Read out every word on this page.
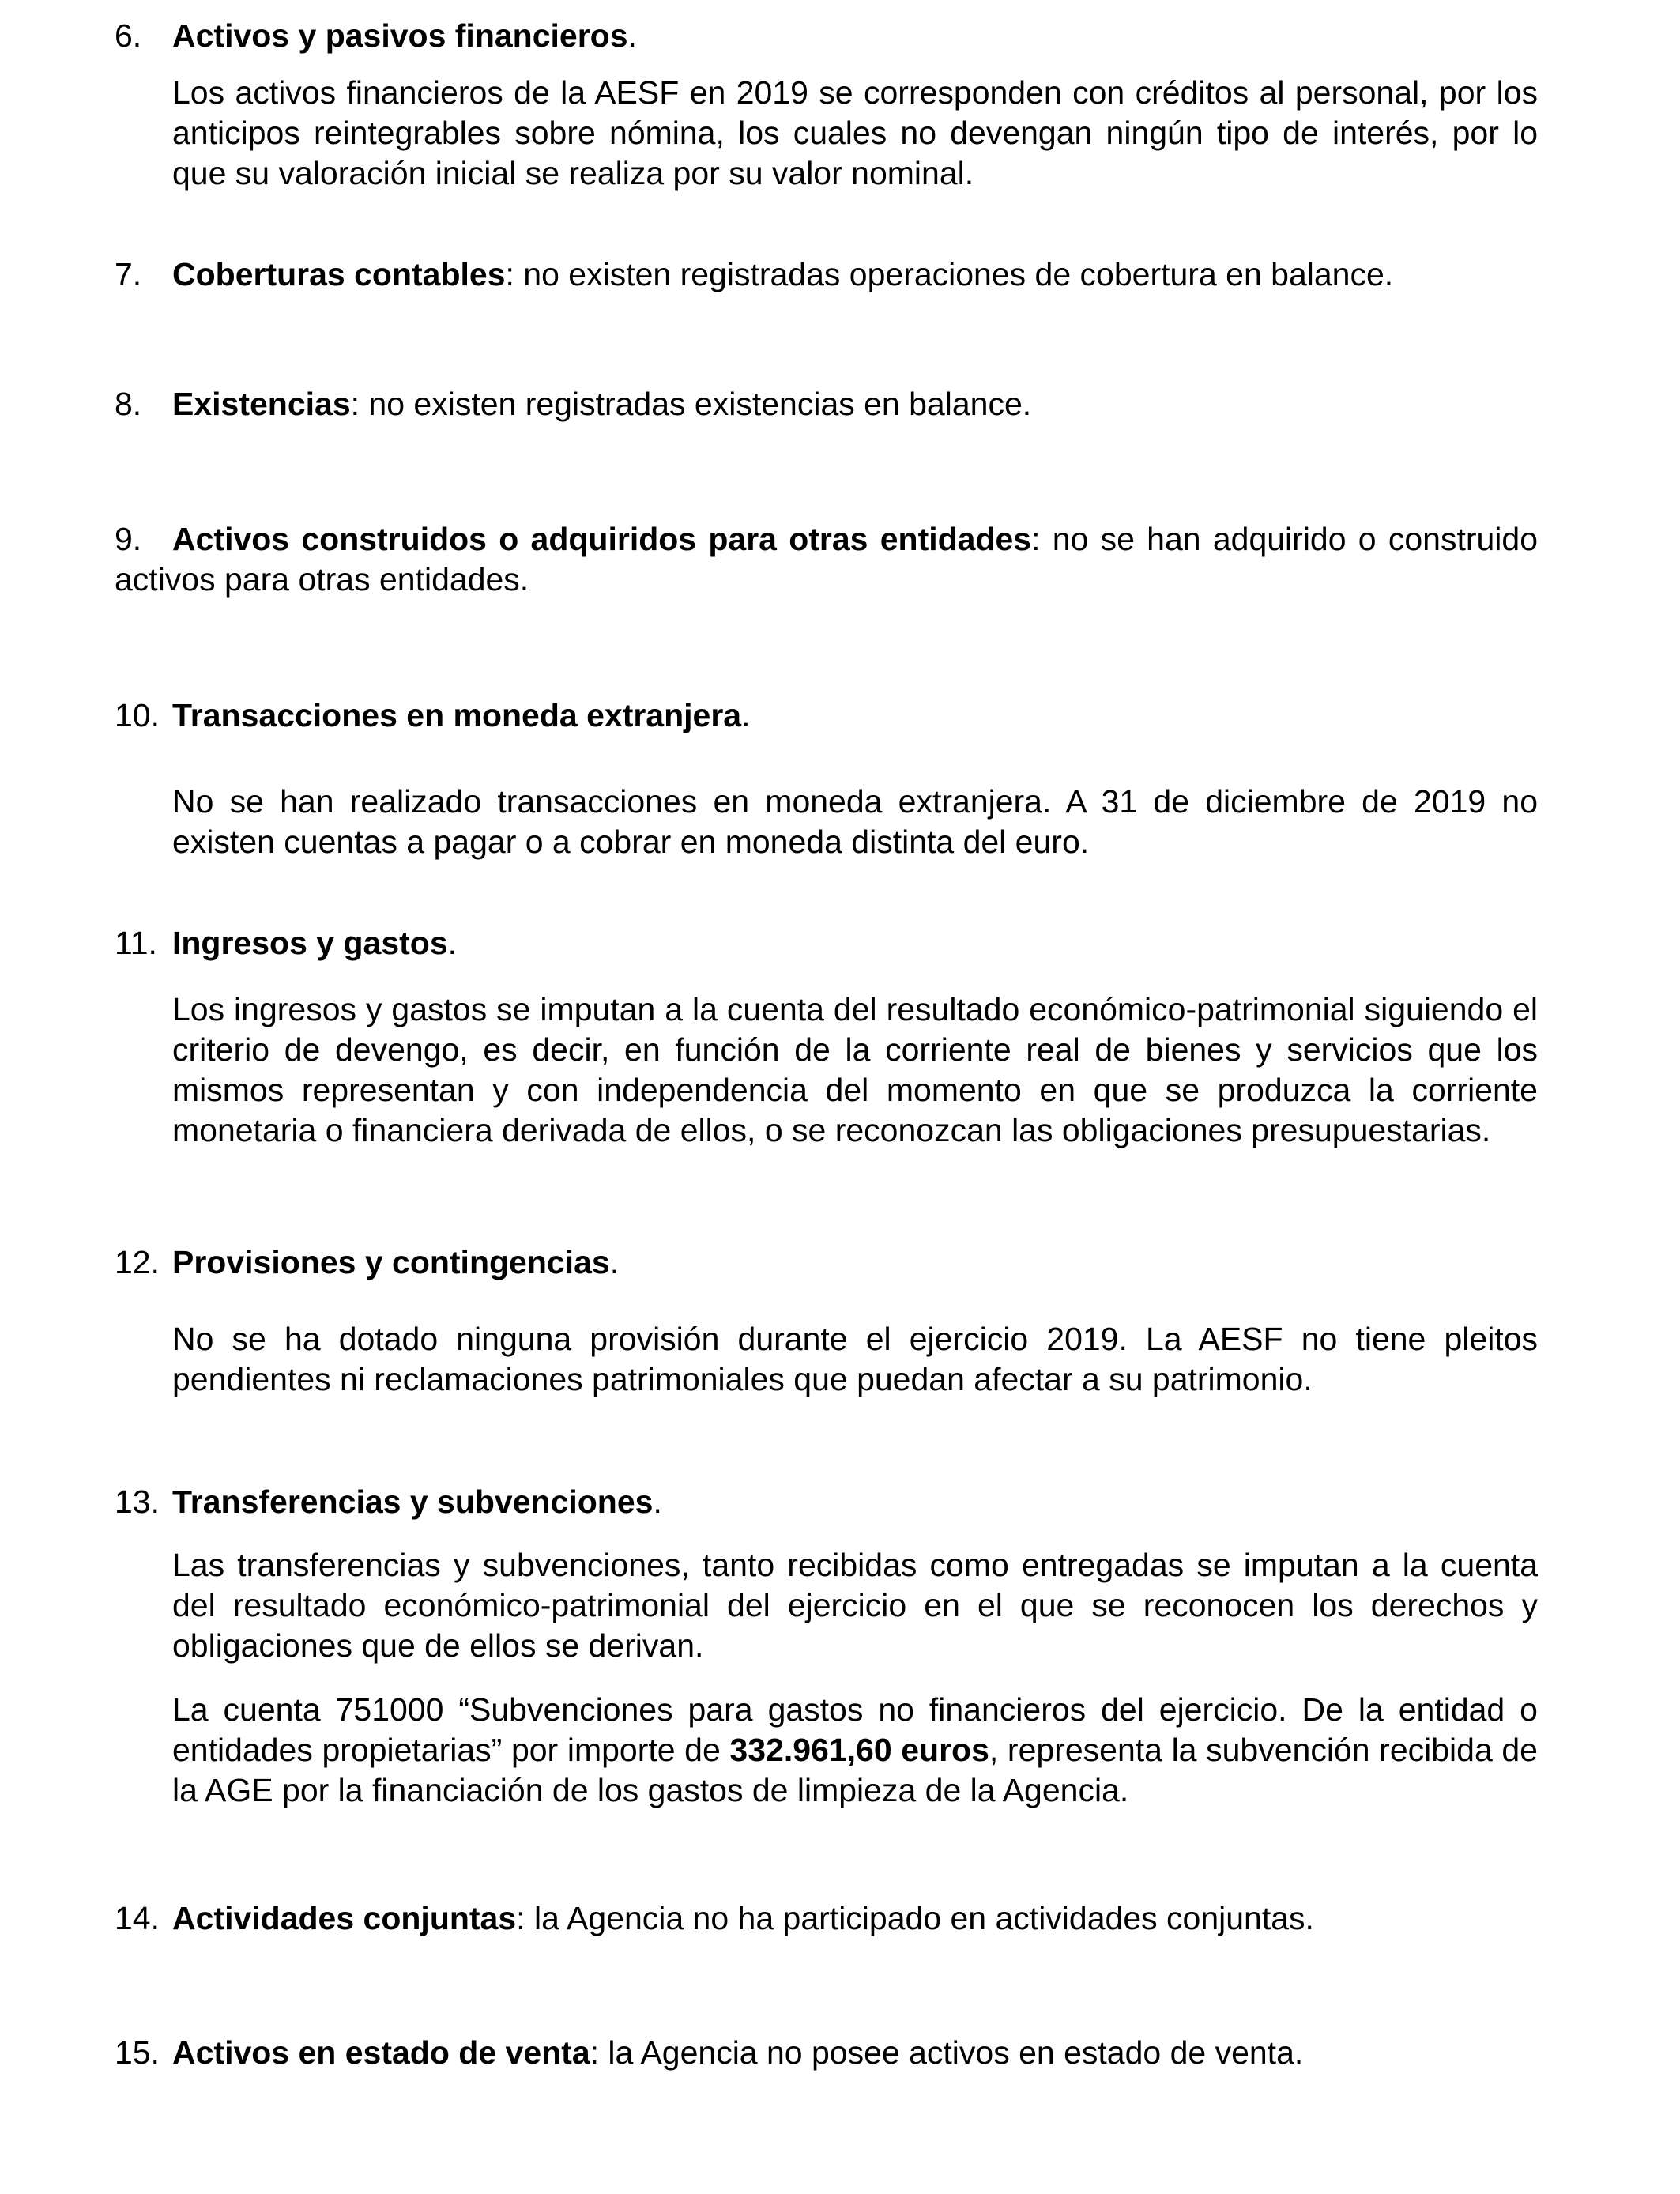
6. Activos y pasivos financieros.
Los activos financieros de la AESF en 2019 se corresponden con créditos al personal, por los anticipos reintegrables sobre nómina, los cuales no devengan ningún tipo de interés, por lo que su valoración inicial se realiza por su valor nominal.
7. Coberturas contables: no existen registradas operaciones de cobertura en balance.
8. Existencias: no existen registradas existencias en balance.
9. Activos construidos o adquiridos para otras entidades: no se han adquirido o construido activos para otras entidades.
10. Transacciones en moneda extranjera.
No se han realizado transacciones en moneda extranjera. A 31 de diciembre de 2019 no existen cuentas a pagar o a cobrar en moneda distinta del euro.
11. Ingresos y gastos.
Los ingresos y gastos se imputan a la cuenta del resultado económico-patrimonial siguiendo el criterio de devengo, es decir, en función de la corriente real de bienes y servicios que los mismos representan y con independencia del momento en que se produzca la corriente monetaria o financiera derivada de ellos, o se reconozcan las obligaciones presupuestarias.
12. Provisiones y contingencias.
No se ha dotado ninguna provisión durante el ejercicio 2019. La AESF no tiene pleitos pendientes ni reclamaciones patrimoniales que puedan afectar a su patrimonio.
13. Transferencias y subvenciones.
Las transferencias y subvenciones, tanto recibidas como entregadas se imputan a la cuenta del resultado económico-patrimonial del ejercicio en el que se reconocen los derechos y obligaciones que de ellos se derivan.
La cuenta 751000 “Subvenciones para gastos no financieros del ejercicio. De la entidad o entidades propietarias” por importe de 332.961,60 euros, representa la subvención recibida de la AGE por la financiación de los gastos de limpieza de la Agencia.
14. Actividades conjuntas: la Agencia no ha participado en actividades conjuntas.
15. Activos en estado de venta: la Agencia no posee activos en estado de venta.
